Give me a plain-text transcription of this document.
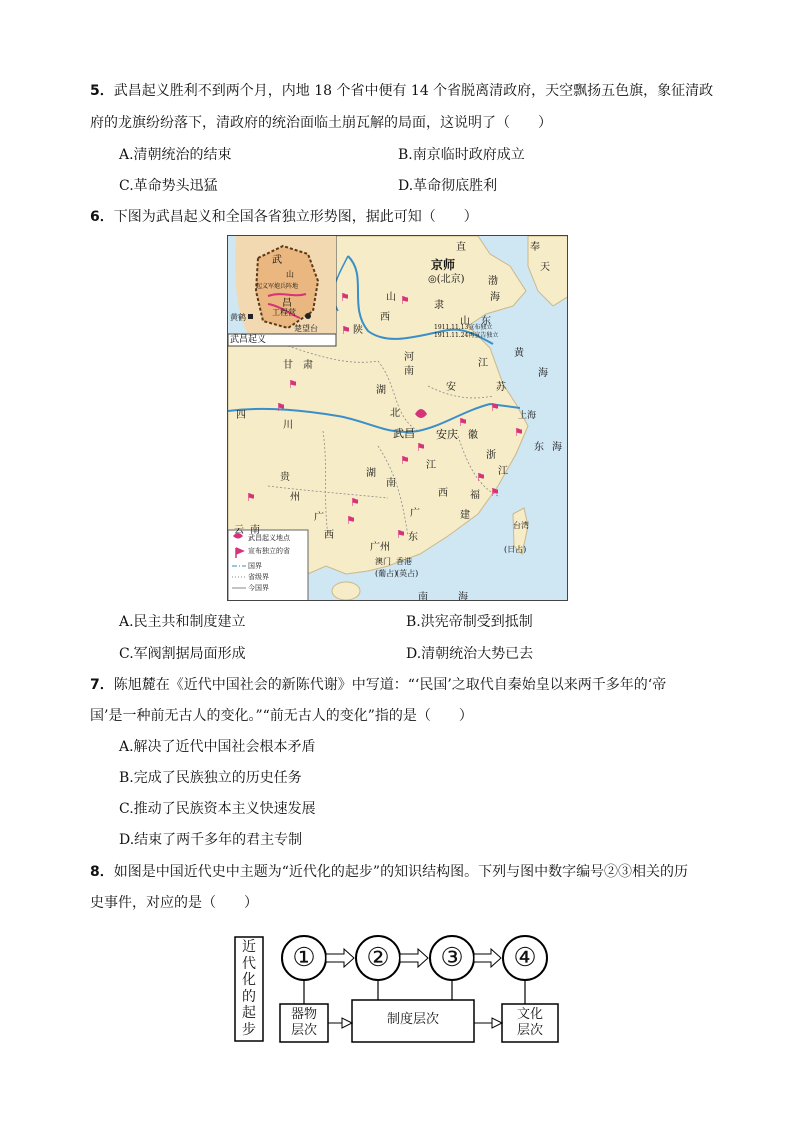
5．武昌起义胜利不到两个月，内地 18 个省中便有 14 个省脱离清政府，天空飘扬五色旗，象征清政
府的龙旗纷纷落下，清政府的统治面临土崩瓦解的局面，这说明了（　　）
A.清朝统治的结束	B.南京临时政府成立
C.革命势头迅猛	D.革命彻底胜利
6．下图为武昌起义和全国各省独立形势图，据此可知（　　）
武昌起义
武
山
起义军炮兵阵地
昌
工程营
黄鹤
楚望台
京师
◎(北京)
武昌 安庆
上海
广州
澳门
(葡占)
香港
(英占)
台湾
(日占)
1911.11.13宣布独立
1911.11.24再宣告独立
直	奉
天
隶
山
西
陕
甘 肃
河
南
山 东
江
苏
安
徽
湖
北
四
川
浙
江
湖
南
江
西 福
建
贵
州
广
西
云 南
广
东
黄
海
东 海
渤
海
南	海
⚑	⚑
⚑
⚑
⚑
⚑
⚑
⚑
⚑
⚑
⚑
⚑
⚑	⚑
⚑
⚑
武昌起义地点
宣布独立的省
国界
省级界
今国界
A.民主共和制度建立	B.洪宪帝制受到抵制
C.军阀割据局面形成	D.清朝统治大势已去
7．陈旭麓在《近代中国社会的新陈代谢》中写道：“‘民国’之取代自秦始皇以来两千多年的‘帝
国’是一种前无古人的变化。”“前无古人的变化”指的是（　　）
A.解决了近代中国社会根本矛盾
B.完成了民族独立的历史任务
C.推动了民族资本主义快速发展
D.结束了两千多年的君主专制
8．如图是中国近代史中主题为“近代化的起步”的知识结构图。下列与图中数字编号②③相关的历
史事件，对应的是（　　）
近
代
化
的
起
步
① ② ③ ④
器物
层次
制度层次	文化
层次
